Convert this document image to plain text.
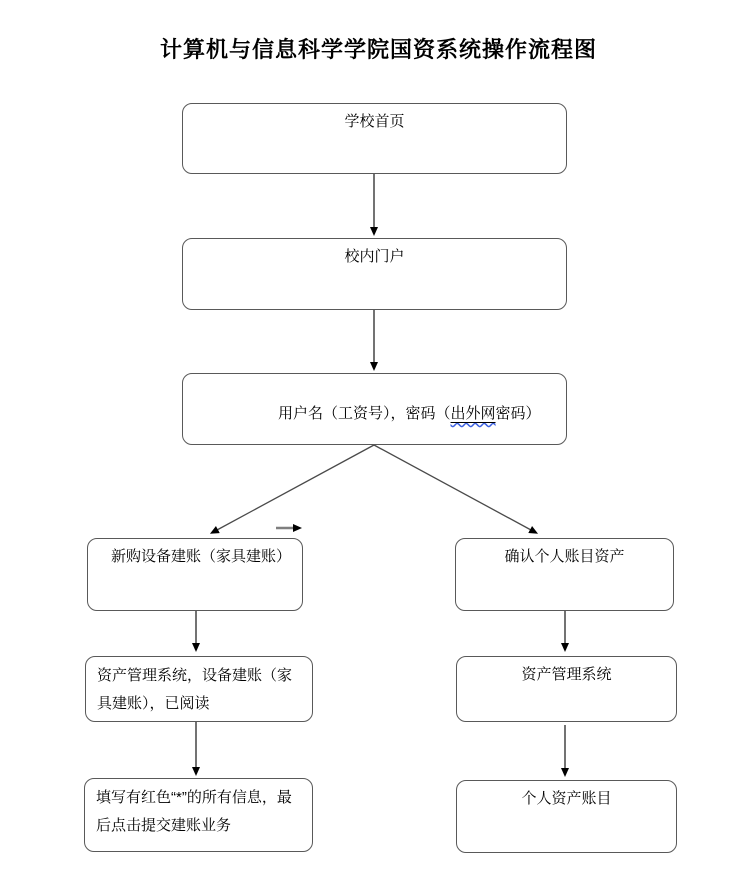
计算机与信息科学学院国资系统操作流程图
学校首页
校内门户
用户名（工资号），密码（出外网密码）
新购设备建账（家具建账）	确认个人账目资产
资产管理系统，设备建账（家具建账），已阅读
资产管理系统
填写有红色“*”的所有信息，最后点击提交建账业务
个人资产账目
